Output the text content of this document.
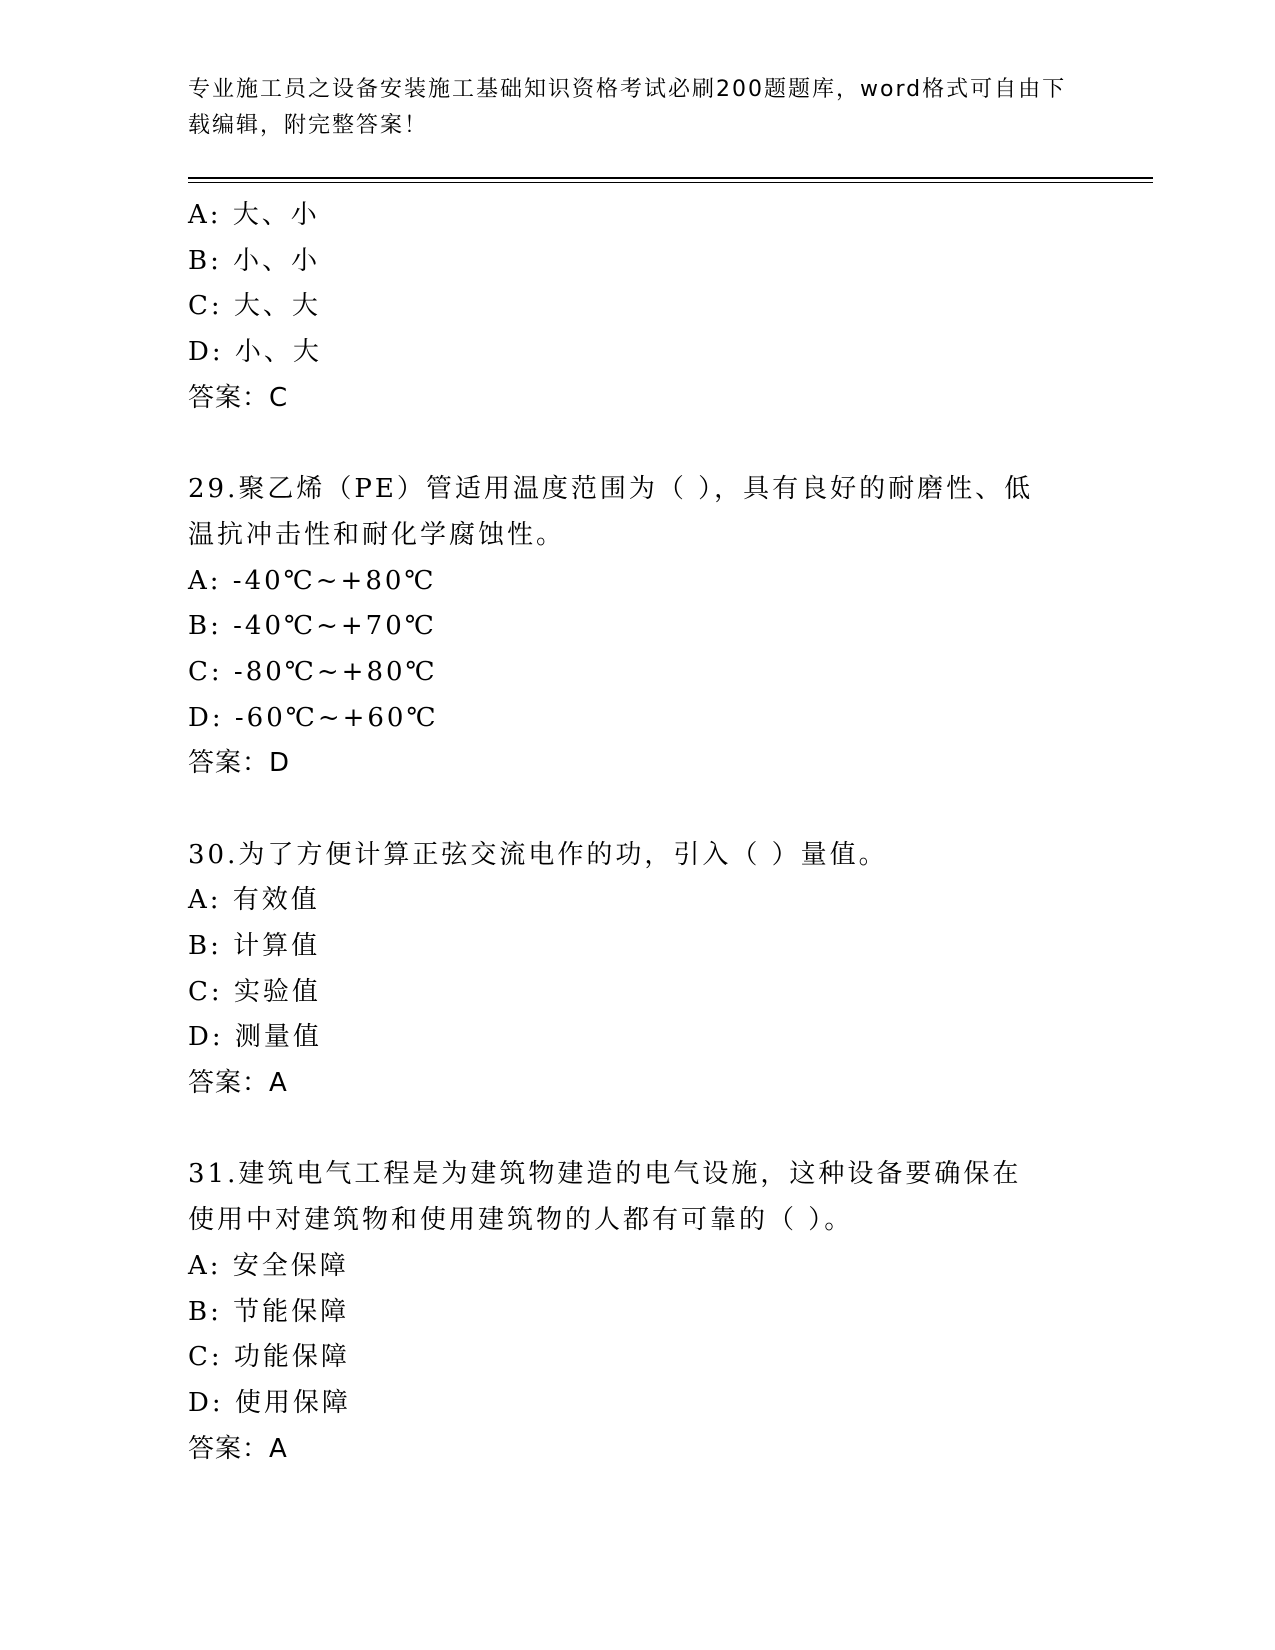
专业施工员之设备安装施工基础知识资格考试必刷200题题库，word格式可自由下载编辑，附完整答案！
A: 大、小
B: 小、小
C: 大、大
D: 小、大
答案：C
29.聚乙烯（PE）管适用温度范围为（ ），具有良好的耐磨性、低温抗冲击性和耐化学腐蚀性。
A: -40℃~+80℃
B: -40℃~+70℃
C: -80℃~+80℃
D: -60℃~+60℃
答案：D
30.为了方便计算正弦交流电作的功，引入（ ）量值。
A: 有效值
B: 计算值
C: 实验值
D: 测量值
答案：A
31.建筑电气工程是为建筑物建造的电气设施，这种设备要确保在使用中对建筑物和使用建筑物的人都有可靠的（ ）。
A: 安全保障
B: 节能保障
C: 功能保障
D: 使用保障
答案：A
